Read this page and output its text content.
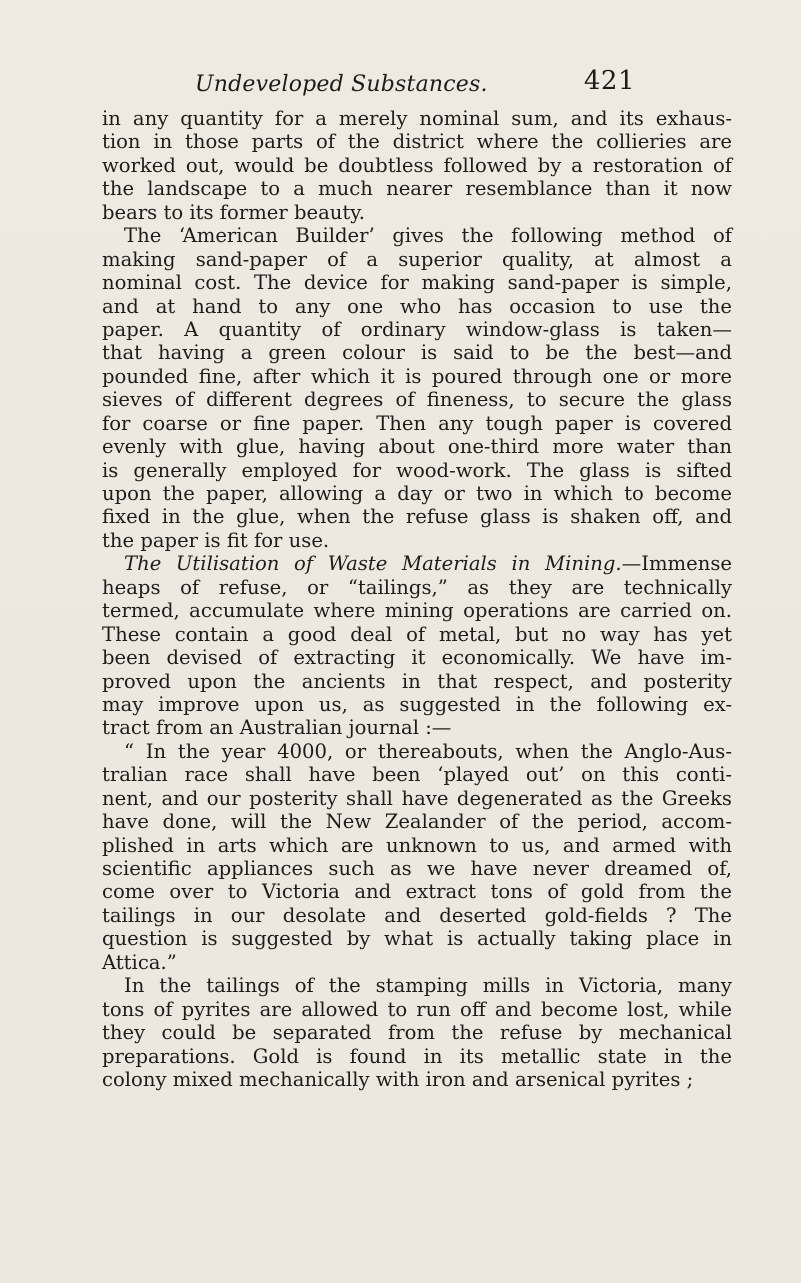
Undeveloped Substances.	421
in any quantity for a merely nominal sum, and its exhaus-
tion in those parts of the district where the collieries are
worked out, would be doubtless followed by a restoration of
the landscape to a much nearer resemblance than it now
bears to its former beauty.
The ‘American Builder’ gives the following method of
making sand-paper of a superior quality, at almost a
nominal cost. The device for making sand-paper is simple,
and at hand to any one who has occasion to use the
paper. A quantity of ordinary window-glass is taken—
that having a green colour is said to be the best—and
pounded fine, after which it is poured through one or more
sieves of different degrees of fineness, to secure the glass
for coarse or fine paper. Then any tough paper is covered
evenly with glue, having about one-third more water than
is generally employed for wood-work. The glass is sifted
upon the paper, allowing a day or two in which to become
fixed in the glue, when the refuse glass is shaken off, and
the paper is fit for use.
The Utilisation of Waste Materials in Mining.—Immense
heaps of refuse, or “tailings,” as they are technically
termed, accumulate where mining operations are carried on.
These contain a good deal of metal, but no way has yet
been devised of extracting it economically. We have im-
proved upon the ancients in that respect, and posterity
may improve upon us, as suggested in the following ex-
tract from an Australian journal :—
“ In the year 4000, or thereabouts, when the Anglo-Aus-
tralian race shall have been ‘played out’ on this conti-
nent, and our posterity shall have degenerated as the Greeks
have done, will the New Zealander of the period, accom-
plished in arts which are unknown to us, and armed with
scientific appliances such as we have never dreamed of,
come over to Victoria and extract tons of gold from the
tailings in our desolate and deserted gold-fields ? The
question is suggested by what is actually taking place in
Attica.”
In the tailings of the stamping mills in Victoria, many
tons of pyrites are allowed to run off and become lost, while
they could be separated from the refuse by mechanical
preparations. Gold is found in its metallic state in the
colony mixed mechanically with iron and arsenical pyrites ;
